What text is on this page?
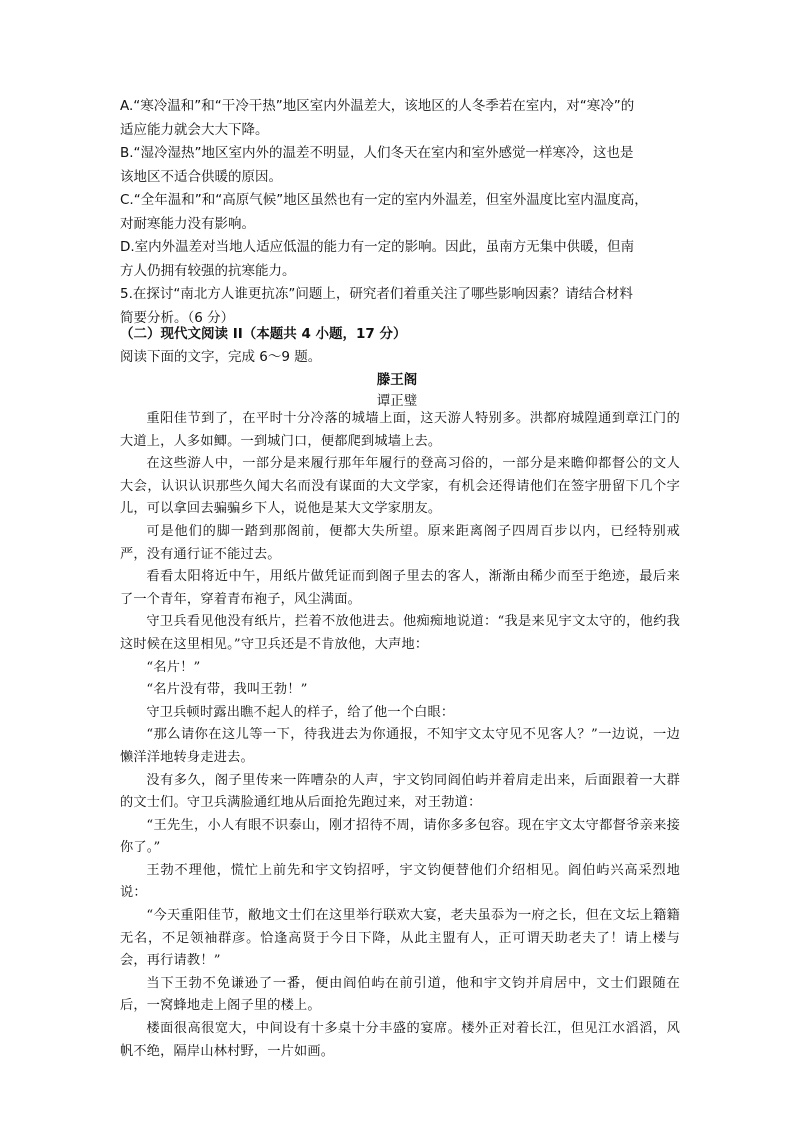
A.“寒冷温和”和“干冷干热”地区室内外温差大，该地区的人冬季若在室内，对“寒冷”的
适应能力就会大大下降。
B.“湿冷湿热”地区室内外的温差不明显，人们冬天在室内和室外感觉一样寒冷，这也是
该地区不适合供暖的原因。
C.“全年温和”和“高原气候”地区虽然也有一定的室内外温差，但室外温度比室内温度高，
对耐寒能力没有影响。
D.室内外温差对当地人适应低温的能力有一定的影响。因此，虽南方无集中供暖，但南
方人仍拥有较强的抗寒能力。
5.在探讨“南北方人谁更抗冻”问题上，研究者们着重关注了哪些影响因素？请结合材料
简要分析。（6 分）
（二）现代文阅读 II（本题共 4 小题，17 分）
阅读下面的文字，完成 6～9 题。
滕王阁
谭正璧

重阳佳节到了，在平时十分冷落的城墙上面，这天游人特别多。洪都府城隍通到章江门的大道上，人多如鲫。一到城门口，便都爬到城墙上去。

在这些游人中，一部分是来履行那年年履行的登高习俗的，一部分是来瞻仰都督公的文人大会，认识认识那些久闻大名而没有谋面的大文学家，有机会还得请他们在签字册留下几个字儿，可以拿回去骗骗乡下人，说他是某大文学家朋友。

可是他们的脚一踏到那阁前，便都大失所望。原来距离阁子四周百步以内，已经特别戒严，没有通行证不能过去。

看看太阳将近中午，用纸片做凭证而到阁子里去的客人，渐渐由稀少而至于绝迹，最后来了一个青年，穿着青布袍子，风尘满面。

守卫兵看见他没有纸片，拦着不放他进去。他痴痴地说道：“我是来见宇文太守的，他约我这时候在这里相见。”守卫兵还是不肯放他，大声地：

“名片！”

“名片没有带，我叫王勃！”

守卫兵顿时露出瞧不起人的样子，给了他一个白眼：

“那么请你在这儿等一下，待我进去为你通报，不知宇文太守见不见客人？”一边说，一边懒洋洋地转身走进去。

没有多久，阁子里传来一阵嘈杂的人声，宇文钧同阎伯屿并着肩走出来，后面跟着一大群的文士们。守卫兵满脸通红地从后面抢先跑过来，对王勃道：

“王先生，小人有眼不识泰山，刚才招待不周，请你多多包容。现在宇文太守都督爷亲来接你了。”

王勃不理他，慌忙上前先和宇文钧招呼，宇文钧便替他们介绍相见。阎伯屿兴高采烈地说：

“今天重阳佳节，敝地文士们在这里举行联欢大宴，老夫虽忝为一府之长，但在文坛上籍籍无名，不足领袖群彦。恰逢高贤于今日下降，从此主盟有人，正可谓天助老夫了！请上楼与会，再行请教！”

当下王勃不免谦逊了一番，便由阎伯屿在前引道，他和宇文钧并肩居中，文士们跟随在后，一窝蜂地走上阁子里的楼上。

楼面很高很宽大，中间设有十多桌十分丰盛的宴席。楼外正对着长江，但见江水滔滔，风帆不绝，隔岸山林村野，一片如画。
